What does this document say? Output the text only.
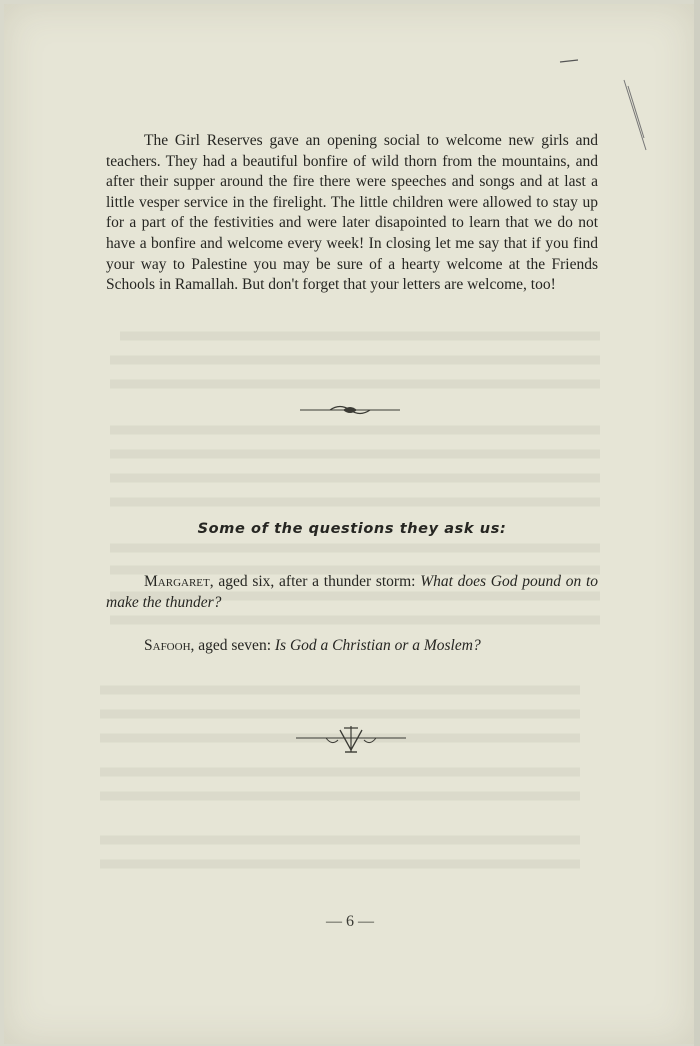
The Girl Reserves gave an opening social to welcome new girls and teachers. They had a beautiful bonfire of wild thorn from the mountains, and after their supper around the fire there were speeches and songs and at last a little vesper service in the firelight. The little children were allowed to stay up for a part of the festivities and were later disapointed to learn that we do not have a bonfire and welcome every week! In closing let me say that if you find your way to Palestine you may be sure of a hearty welcome at the Friends Schools in Ramallah. But don't forget that your letters are welcome, too!

Some of the questions they ask us:

Margaret, aged six, after a thunder storm: What does God pound on to make the thunder?

Safooh, aged seven: Is God a Christian or a Moslem?

— 6 —
